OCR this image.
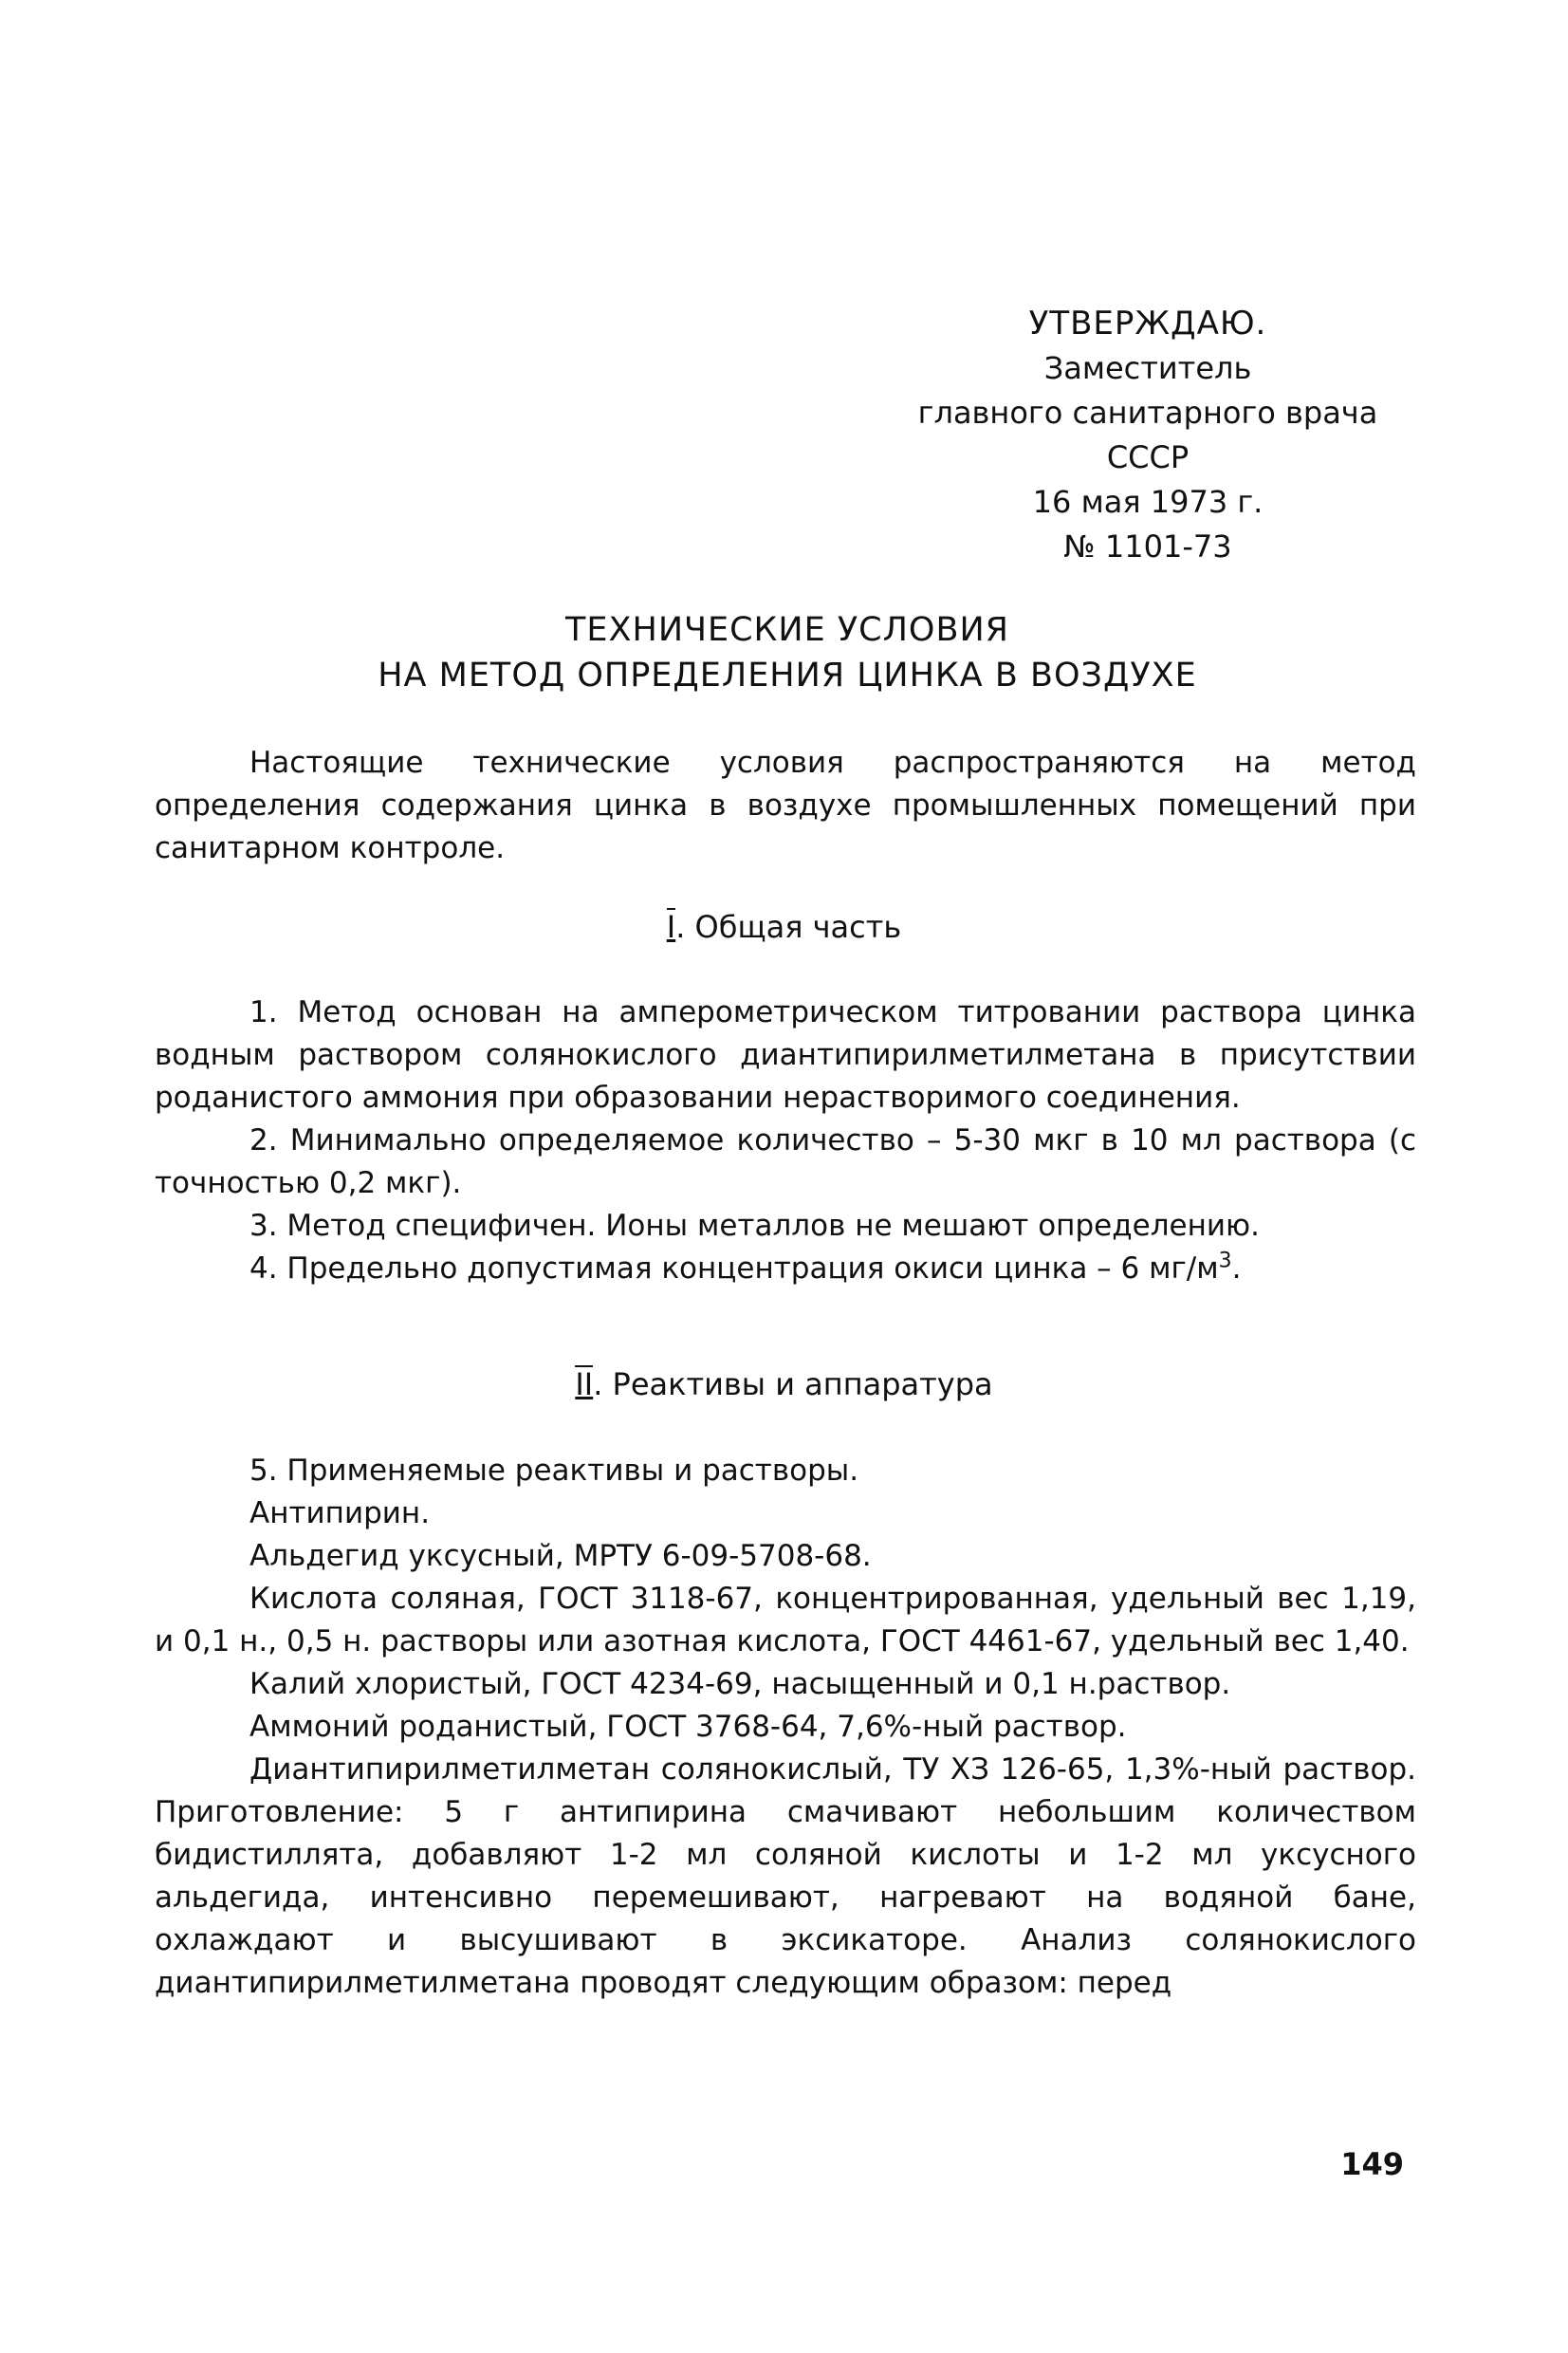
УТВЕРЖДАЮ.
Заместитель
главного санитарного врача
СССР
16 мая 1973 г.
№ 1101-73
ТЕХНИЧЕСКИЕ УСЛОВИЯ
НА МЕТОД ОПРЕДЕЛЕНИЯ ЦИНКА В ВОЗДУХЕ

Настоящие технические условия распространяются на метод определения содержания цинка в воздухе промышленных помещений при санитарном контроле.

I. Общая часть

1. Метод основан на амперометрическом титровании раствора цинка водным раствором солянокислого диантипирилметилметана в присутствии роданистого аммония при образовании нерастворимого соединения.

2. Минимально определяемое количество – 5-30 мкг в 10 мл раствора (с точностью 0,2 мкг).

3. Метод специфичен. Ионы металлов не мешают определению.

4. Предельно допустимая концентрация окиси цинка – 6 $мг/м^3$.

II. Реактивы и аппаратура

5. Применяемые реактивы и растворы.

Антипирин.

Альдегид уксусный, МРТУ 6-09-5708-68.

Кислота соляная, ГОСТ 3118-67, концентрированная, удельный вес 1,19, и 0,1 н., 0,5 н. растворы или азотная кислота, ГОСТ 4461-67, удельный вес 1,40.

Калий хлористый, ГОСТ 4234-69, насыщенный и 0,1 н.раствор.

Аммоний роданистый, ГОСТ 3768-64, 7,6%-ный раствор.

Диантипирилметилметан солянокислый, ТУ ХЗ 126-65, 1,3%-ный раствор. Приготовление: 5 г антипирина смачивают небольшим количеством бидистиллята, добавляют 1-2 мл соляной кислоты и 1-2 мл уксусного альдегида, интенсивно перемешивают, нагревают на водяной бане, охлаждают и высушивают в эксикаторе. Анализ солянокислого диантипирилметилметана проводят следующим образом: перед

149
